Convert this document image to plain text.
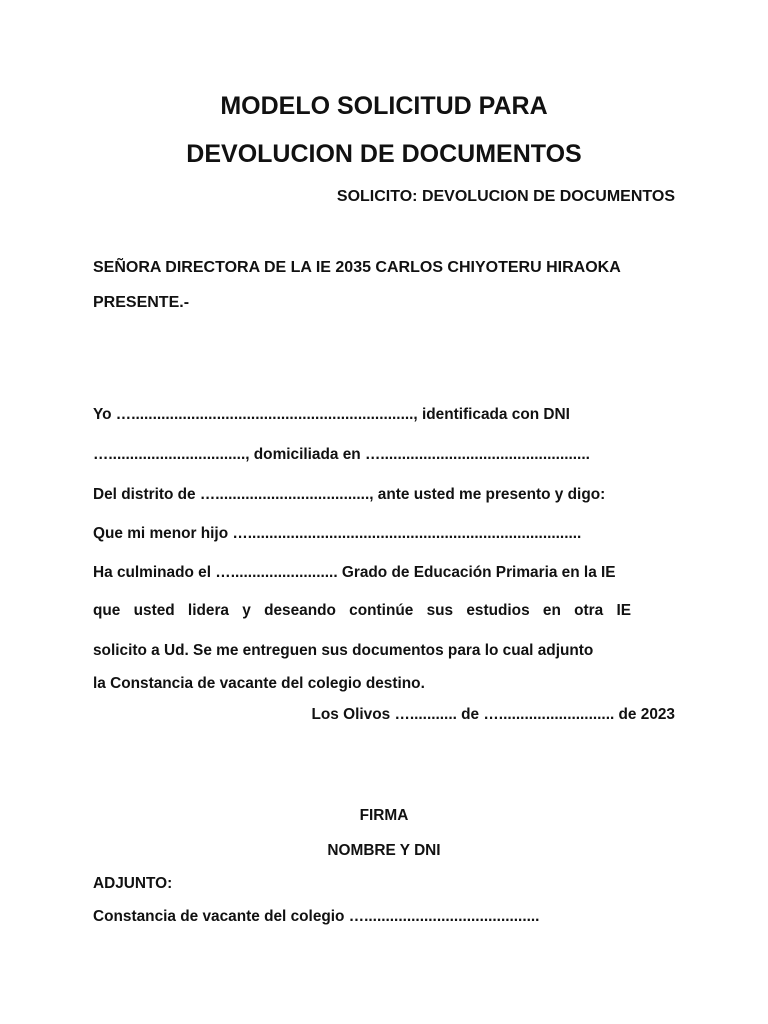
MODELO SOLICITUD PARA
DEVOLUCION DE DOCUMENTOS
SOLICITO: DEVOLUCION DE DOCUMENTOS
SEÑORA DIRECTORA DE LA IE 2035 CARLOS CHIYOTERU HIRAOKA
PRESENTE.-
Yo ….................................................................., identificada con DNI
…................................, domiciliada en ….................................................
Del distrito de …...................................., ante usted me presento y digo:
Que mi menor hijo …..............................................................................
Ha culminado el …......................... Grado de Educación Primaria en la IE
que usted lidera y deseando continúe sus estudios en otra IE
solicito a Ud. Se me entreguen sus documentos para lo cual adjunto
la Constancia de vacante del colegio destino.
Los Olivos …........... de …........................... de 2023
FIRMA
NOMBRE Y DNI
ADJUNTO:
Constancia de vacante del colegio ….........................................
